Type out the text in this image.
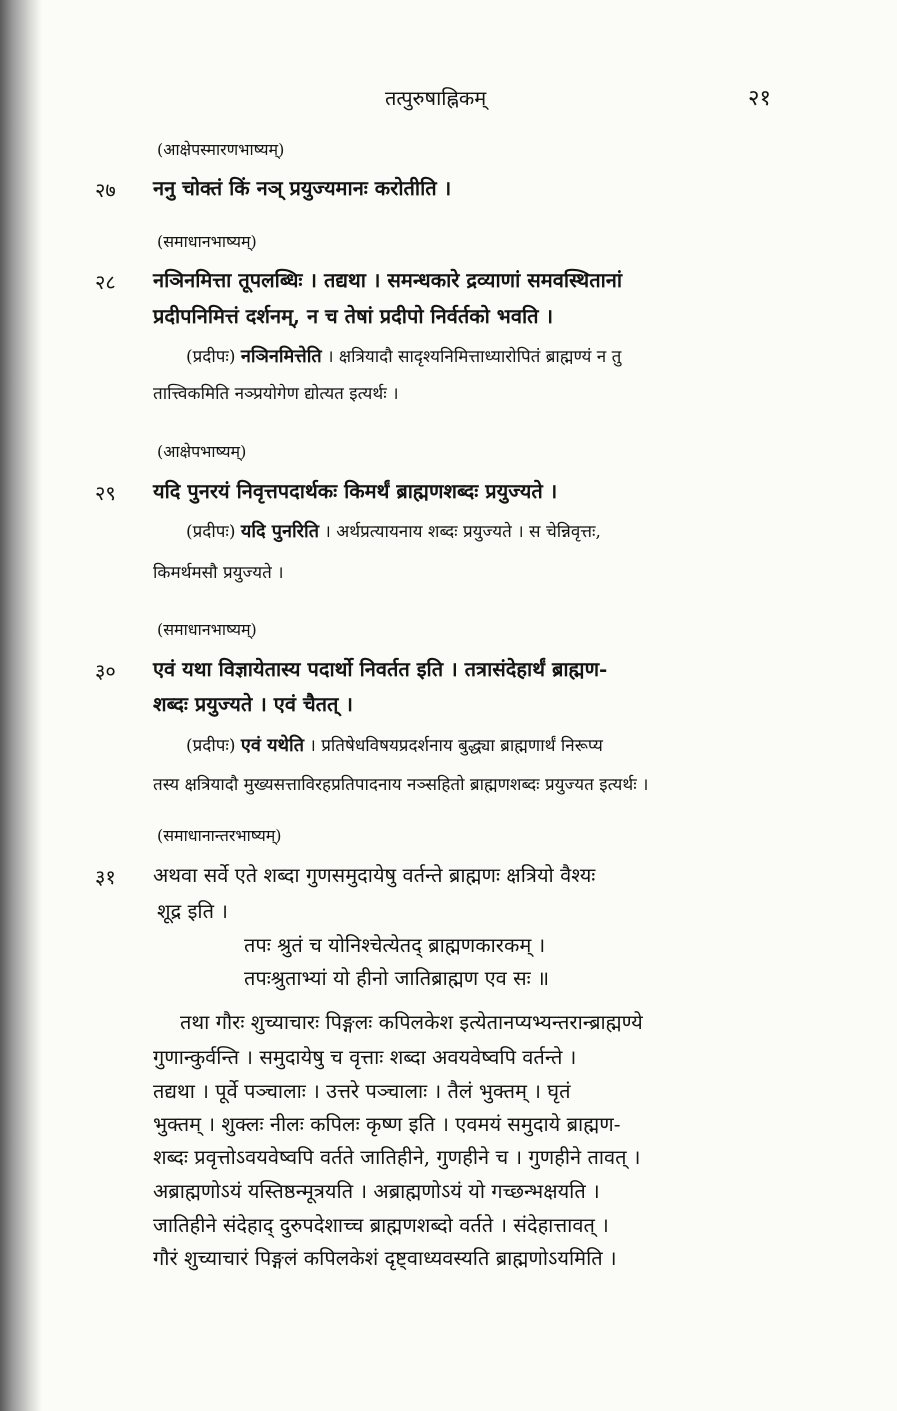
तत्पुरुषाह्निकम्	२१
(आक्षेपस्मारणभाष्यम्)
२७ ननु चोक्तं किं नञ् प्रयुज्यमानः करोतीति ।
(समाधानभाष्यम्)
२८ नञिनमित्ता तूपलब्धिः । तद्यथा । समन्धकारे द्रव्याणां समवस्थितानां
प्रदीपनिमित्तं दर्शनम्, न च तेषां प्रदीपो निर्वर्तको भवति ।
(प्रदीपः) नञिनमित्तेति । क्षत्रियादौ सादृश्यनिमित्ताध्यारोपितं ब्राह्मण्यं न तु
तात्त्विकमिति नञ्प्रयोगेण द्योत्यत इत्यर्थः ।
(आक्षेपभाष्यम्)
२९ यदि पुनरयं निवृत्तपदार्थकः किमर्थं ब्राह्मणशब्दः प्रयुज्यते ।
(प्रदीपः) यदि पुनरिति । अर्थप्रत्यायनाय शब्दः प्रयुज्यते । स चेन्निवृत्तः,
किमर्थमसौ प्रयुज्यते ।
(समाधानभाष्यम्)
३० एवं यथा विज्ञायेतास्य पदार्थो निवर्तत इति । तत्रासंदेहार्थं ब्राह्मण-
शब्दः प्रयुज्यते । एवं चैतत् ।
(प्रदीपः) एवं यथेति । प्रतिषेधविषयप्रदर्शनाय बुद्ध्या ब्राह्मणार्थं निरूप्य
तस्य क्षत्रियादौ मुख्यसत्ताविरहप्रतिपादनाय नञ्सहितो ब्राह्मणशब्दः प्रयुज्यत इत्यर्थः ।
(समाधानान्तरभाष्यम्)
३१ अथवा सर्वे एते शब्दा गुणसमुदायेषु वर्तन्ते ब्राह्मणः क्षत्रियो वैश्यः
शूद्र इति ।
तपः श्रुतं च योनिश्चेत्येतद् ब्राह्मणकारकम् ।
तपःश्रुताभ्यां यो हीनो जातिब्राह्मण एव सः ॥
तथा गौरः शुच्याचारः पिङ्गलः कपिलकेश इत्येतानप्यभ्यन्तरान्ब्राह्मण्ये
गुणान्कुर्वन्ति । समुदायेषु च वृत्ताः शब्दा अवयवेष्वपि वर्तन्ते ।
तद्यथा । पूर्वे पञ्चालाः । उत्तरे पञ्चालाः । तैलं भुक्तम् । घृतं
भुक्तम् । शुक्लः नीलः कपिलः कृष्ण इति । एवमयं समुदाये ब्राह्मण-
शब्दः प्रवृत्तोऽवयवेष्वपि वर्तते जातिहीने, गुणहीने च । गुणहीने तावत् ।
अब्राह्मणोऽयं यस्तिष्ठन्मूत्रयति । अब्राह्मणोऽयं यो गच्छन्भक्षयति ।
जातिहीने संदेहाद् दुरुपदेशाच्च ब्राह्मणशब्दो वर्तते । संदेहात्तावत् ।
गौरं शुच्याचारं पिङ्गलं कपिलकेशं दृष्ट्वाध्यवस्यति ब्राह्मणोऽयमिति ।
